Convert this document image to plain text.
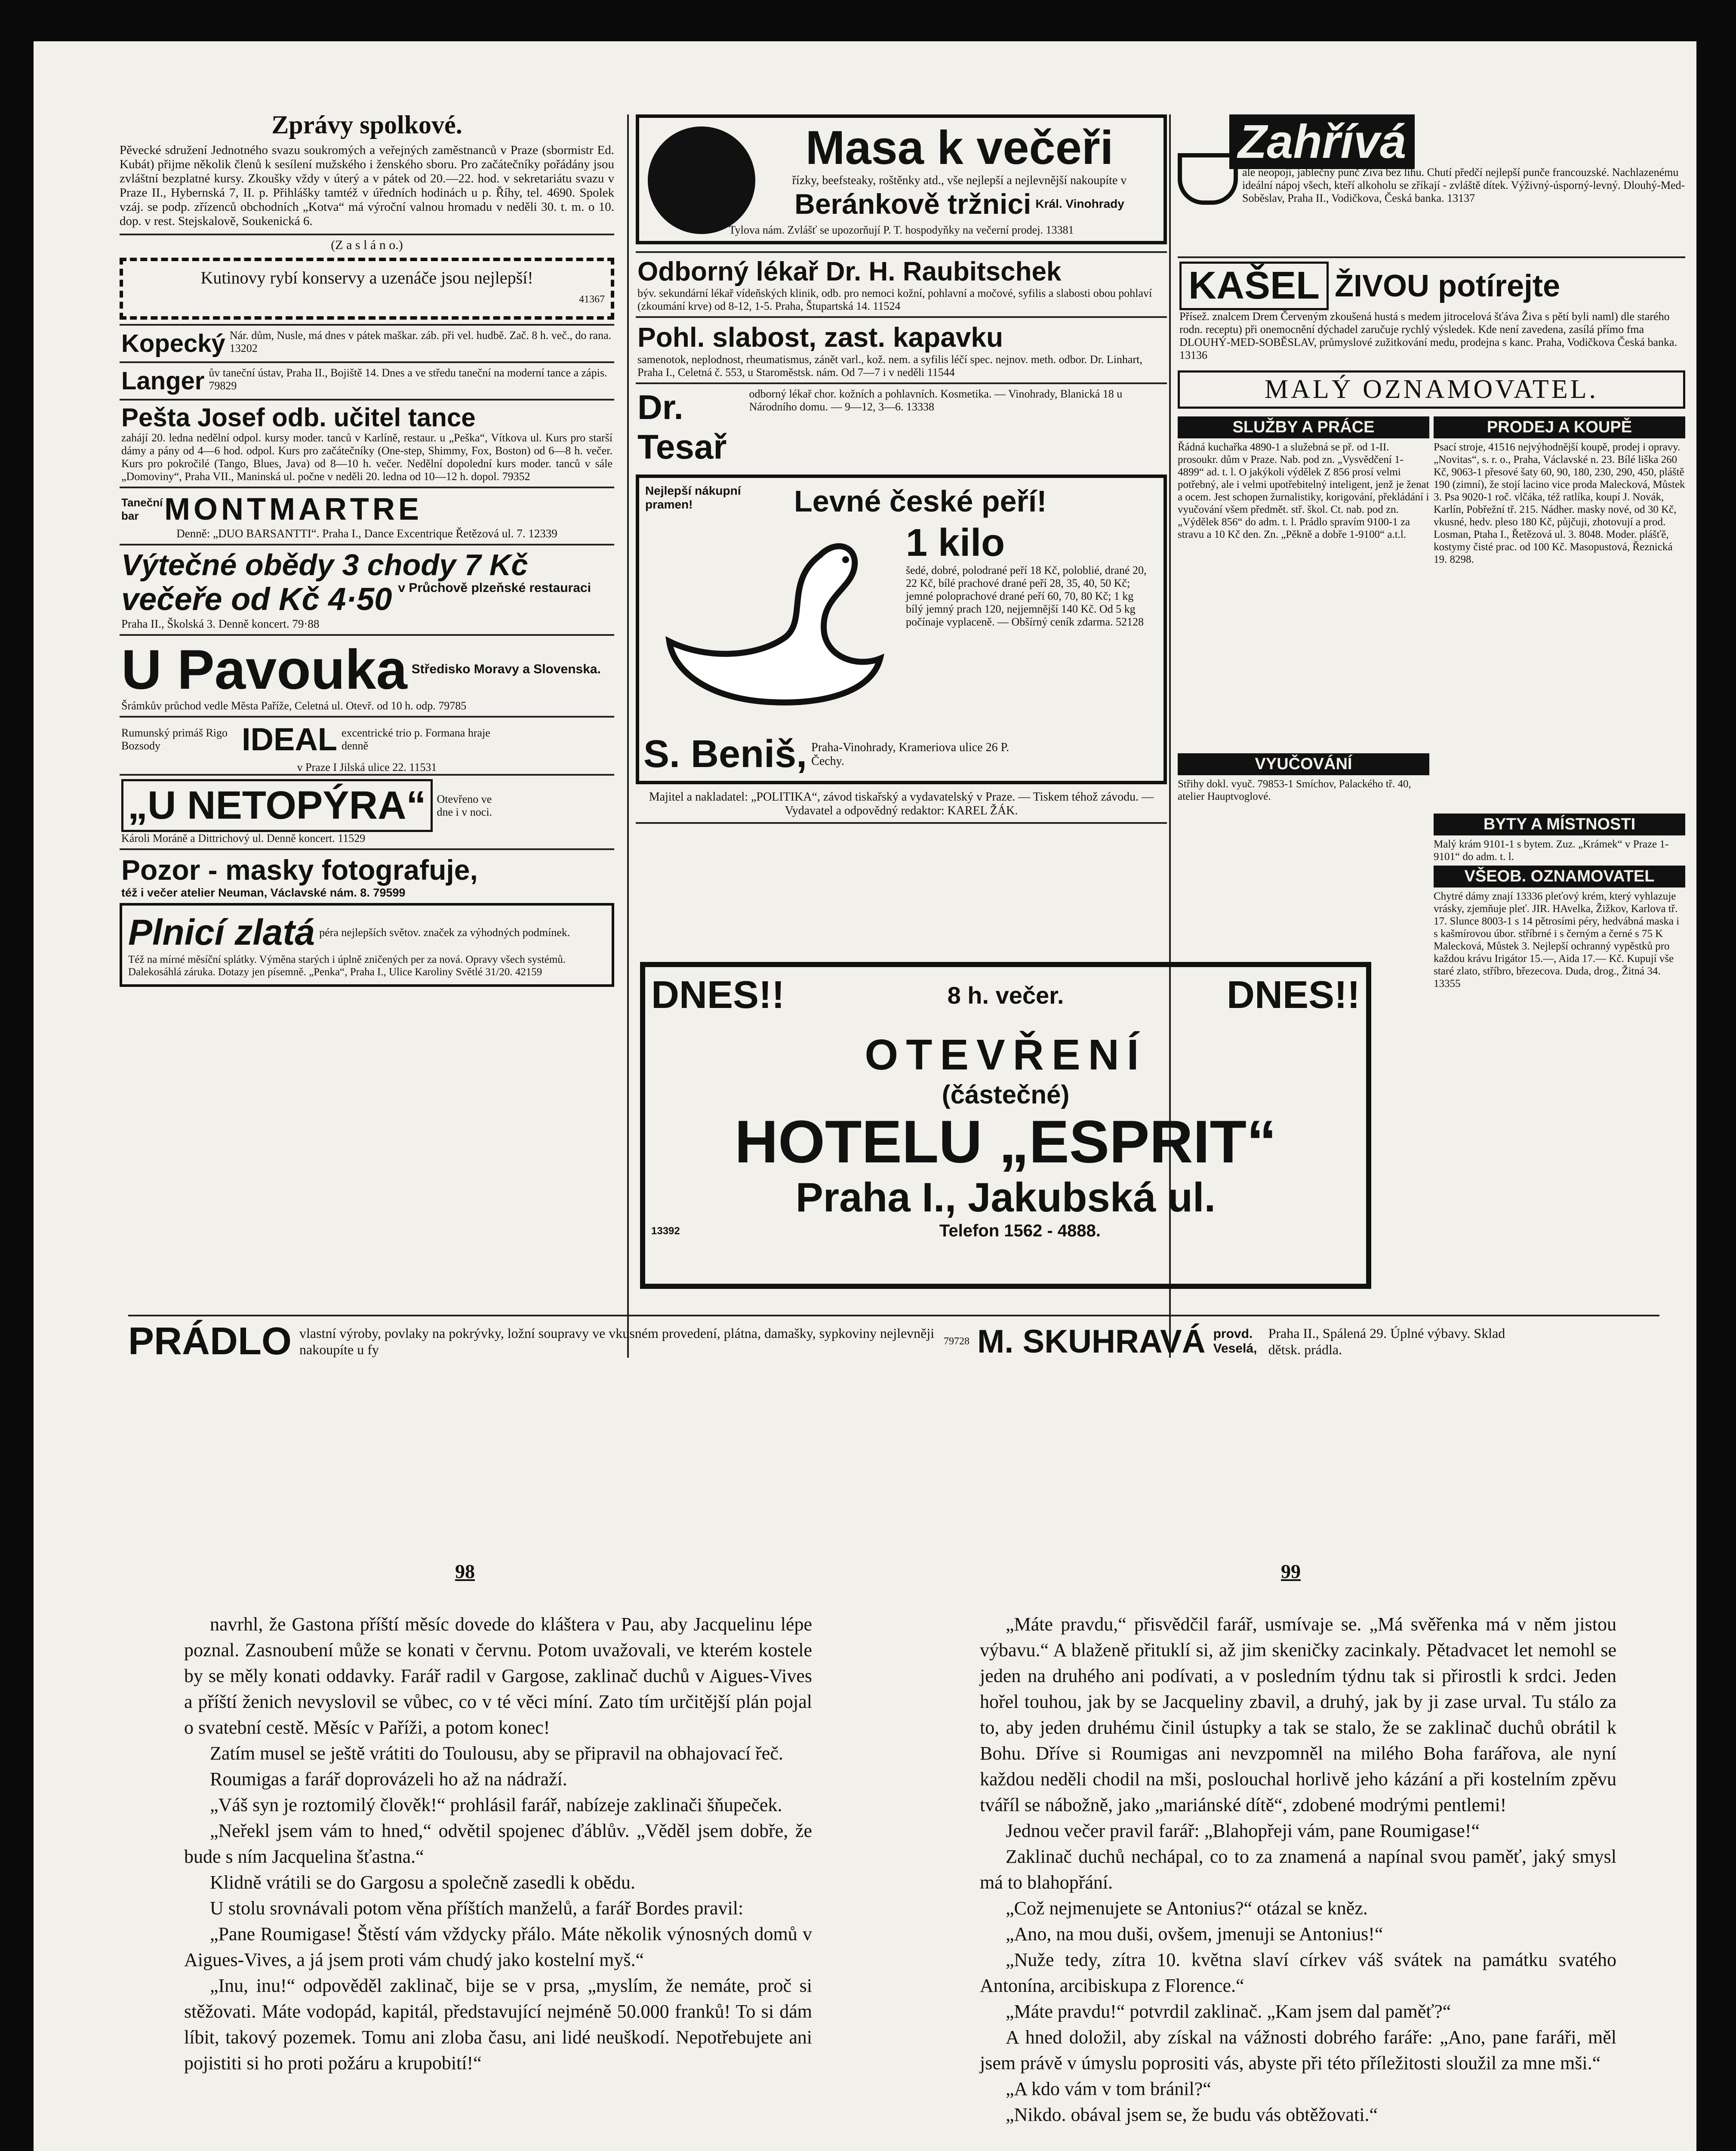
Zprávy spolkové.
Pěvecké sdružení Jednotného svazu soukromých a veřejných zaměstnanců v Praze (sbormistr Ed. Kubát) přijme několik členů k sesílení mužského i ženského sboru. Pro začátečníky pořádány jsou zvláštní bezplatné kursy. Zkoušky vždy v úterý a v pátek od 20.—22. hod. v sekretariátu svazu v Praze II., Hybernská 7, II. p. Přihlášky tamtéž v úředních hodinách u p. Říhy, tel. 4690. Spolek vzáj. se podp. zřízenců obchodních „Kotva“ má výroční valnou hromadu v neděli 30. t. m. o 10. dop. v rest. Stejskalově, Soukenická 6.
(Z a s l á n o.)
Kutinovy rybí konservy a uzenáče jsou nejlepší!
41367
Kopecký Nár. dům, Nusle, má dnes v pátek maškar. záb. při vel. hudbě. Zač. 8 h. več., do rana. 13202
Langer ův taneční ústav, Praha II., Bojiště 14. Dnes a ve středu taneční na moderní tance a zápis. 79829
Pešta Josef odb. učitel tance
zahájí 20. ledna nedělní odpol. kursy moder. tanců v Karlíně, restaur. u „Peška“, Vítkova ul. Kurs pro starší dámy a pány od 4—6 hod. odpol. Kurs pro začátečníky (One-step, Shimmy, Fox, Boston) od 6—8 h. večer. Kurs pro pokročilé (Tango, Blues, Java) od 8—10 h. večer. Nedělní dopolední kurs moder. tanců v sále „Domoviny“, Praha VII., Maninská ul. počne v neděli 20. ledna od 10—12 h. dopol. 79352
Taneční bar MONTMARTRE
Denně: „DUO BARSANTTI“. Praha I., Dance Excentrique Řetězová ul. 7. 12339
Výtečné obědy 3 chody 7 Kč
večeře od Kč 4·50 v Průchově plzeňské restauraci
Praha II., Školská 3. Denně koncert. 79·88
U Pavouka Středisko Moravy a Slovenska.
Šrámkův průchod vedle Města Paříže, Celetná ul. Otevř. od 10 h. odp. 79785
Rumunský primáš Rigo Bozsody	IDEAL excentrické trio p. Formana hraje denně
v Praze I Jilská ulice 22. 11531
„U NETOPÝRA“ Otevřeno ve dne i v noci.
Károli Moráně a Dittrichový ul. Denně koncert. 11529
Pozor - masky fotografuje,
též i večer atelier Neuman, Václavské nám. 8. 79599
Plnicí zlatá péra nejlepších světov. značek za výhodných podmínek.
Též na mírné měsíční splátky. Výměna starých i úplně zničených per za nová. Opravy všech systémů. Dalekosáhlá záruka. Dotazy jen písemně. „Penka“, Praha I., Ulice Karoliny Světlé 31/20. 42159
Masa k večeři
řízky, beefsteaky, roštěnky atd., vše nejlepší a nejlevnější nakoupíte v
Beránkově tržnici Král. Vinohrady
Tylova nám. Zvlášť se upozorňují P. T. hospodyňky na večerní prodej. 13381
Odborný lékař Dr. H. Raubitschek
býv. sekundární lékař vídeňských klinik, odb. pro nemoci kožní, pohlavní a močové, syfilis a slabosti obou pohlaví (zkoumání krve) od 8-12, 1-5. Praha, Štupartská 14. 11524
Pohl. slabost, zast. kapavku
samenotok, neplodnost, rheumatismus, zánět varl., kož. nem. a syfilis léčí spec. nejnov. meth. odbor. Dr. Linhart, Praha I., Celetná č. 553, u Staroměstsk. nám. Od 7—7 i v neděli 11544
Dr. Tesař
odborný lékař chor. kožních a pohlavních. Kosmetika. — Vinohrady, Blanická 18 u Národního domu. — 9—12, 3—6. 13338
Nejlepší nákupní pramen!	Levné české peří!
1 kilo
šedé, dobré, polodrané peří 18 Kč, poloblié, drané 20, 22 Kč, bílé prachové drané peří 28, 35, 40, 50 Kč; jemné poloprachové drané peří 60, 70, 80 Kč; 1 kg bílý jemný prach 120, nejjemnější 140 Kč. Od 5 kg počínaje vyplaceně. — Obšírný ceník zdarma. 52128
S. Beniš, Praha-Vinohrady, Krameriova ulice 26 P. Čechy.
Majitel a nakladatel: „POLITIKA“, závod tiskařský a vydavatelský v Praze. — Tiskem téhož závodu. — Vydavatel a odpovědný redaktor: KAREL ŽÁK.
Zahřívá
ale neopojí, jablečný punč Živa bez lihu. Chutí předčí nejlepší punče francouzské. Nachlazenému ideální nápoj všech, kteří alkoholu se zříkají - zvláště dítek. Výživný-úsporný-levný. Dlouhý-Med-Soběslav, Praha II., Vodičkova, Česká banka. 13137
KAŠEL ŽIVOU potírejte
Přísež. znalcem Drem Červeným zkoušená hustá s medem jitrocelová šťáva Živa s pětí byli naml) dle starého rodn. receptu) při onemocnění dýchadel zaručuje rychlý výsledek. Kde není zavedena, zasílá přímo fma DLOUHÝ-MED-SOBĚSLAV, průmyslové zužitkování medu, prodejna s kanc. Praha, Vodičkova Česká banka. 13136
MALÝ OZNAMOVATEL.
SLUŽBY A PRÁCE
Řádná kuchařka 4890-1 a služebná se př. od 1-II. prosoukr. dům v Praze. Nab. pod zn. „Vysvědčení 1-4899“ ad. t. l. O jakýkoli výdělek Z 856 prosí velmi potřebný, ale i velmi upotřebitelný inteligent, jenž je ženat a ocem. Jest schopen žurnalistiky, korigování, překládání i vyučování všem předmět. stř. škol. Ct. nab. pod zn. „Výdělek 856“ do adm. t. l. Prádlo spravím 9100-1 za stravu a 10 Kč den. Zn. „Pěkně a dobře 1-9100“ a.t.l.
VYUČOVÁNÍ
Střihy dokl. vyuč. 79853-1 Smíchov, Palackého tř. 40, atelier Hauptvoglové.
PRODEJ A KOUPĚ
Psací stroje, 41516 nejvýhodnější koupě, prodej i opravy. „Novitas“, s. r. o., Praha, Václavské n. 23. Bílé liška 260 Kč, 9063-1 přesové šaty 60, 90, 180, 230, 290, 450, pláště 190 (zimní), že stojí lacino vice proda Malecková, Můstek 3. Psa 9020-1 roč. vlčáka, též ratlíka, koupí J. Novák, Karlín, Pobřežní tř. 215. Nádher. masky nové, od 30 Kč, vkusné, hedv. pleso 180 Kč, půjčuji, zhotovují a prod. Losman, Ptaha I., Řetězová ul. 3. 8048. Moder. plášťě, kostymy čisté prac. od 100 Kč. Masopustová, Řeznická 19. 8298.
BYTY A MÍSTNOSTI
Malý krám 9101-1 s bytem. Zuz. „Krámek“ v Praze 1-9101“ do adm. t. l.
VŠEOB. OZNAMOVATEL
Chytré dámy znají 13336 pleťový krém, který vyhlazuje vrásky, zjemňuje pleť. JIR. HAvelka, Žižkov, Karlova tř. 17. Slunce 8003-1 s 14 pětrosími péry, hedvábná maska i s kašmírovou úbor. stříbrné i s černým a černé s 75 K Malecková, Můstek 3. Nejlepší ochranný vypěstků pro každou krávu Irigátor 15.—, Aida 17.— Kč. Kupují vše staré zlato, stříbro, březecova. Duda, drog., Žitná 34. 13355
DNES!!	8 h. večer.	DNES!!
OTEVŘENÍ
(částečné)
HOTELU „ESPRIT“
Praha I., Jakubská ul.
13392	Telefon 1562 - 4888.
PRÁDLO vlastní výroby, povlaky na pokrývky, ložní soupravy ve vkusném provedení, plátna, damašky, sypkoviny nejlevněji nakoupíte u fy
79728 M. SKUHRAVÁ provd. Veselá,
Praha II., Spálená 29. Úplné výbavy. Sklad dětsk. prádla.
98	99

navrhl, že Gastona příští měsíc dovede do kláštera v Pau, aby Jacquelinu lépe poznal. Zasnoubení může se konati v červnu. Potom uvažovali, ve kterém kostele by se měly konati oddavky. Farář radil v Gargose, zaklinač duchů v Aigues-Vives a příští ženich nevyslovil se vůbec, co v té věci míní. Zato tím určitější plán pojal o svatební cestě. Měsíc v Paříži, a potom konec!

Zatím musel se ještě vrátiti do Toulousu, aby se připravil na obhajovací řeč.

Roumigas a farář doprovázeli ho až na nádraží.

„Váš syn je roztomilý člověk!“ prohlásil farář, nabízeje zaklinači šňupeček.

„Neřekl jsem vám to hned,“ odvětil spojenec ďáblův. „Věděl jsem dobře, že bude s ním Jacquelina šťastna.“

Klidně vrátili se do Gargosu a společně zasedli k obědu.

U stolu srovnávali potom věna příštích manželů, a farář Bordes pravil:

„Pane Roumigase! Štěstí vám vždycky přálo. Máte několik výnosných domů v Aigues-Vives, a já jsem proti vám chudý jako kostelní myš.“

„Inu, inu!“ odpověděl zaklinač, bije se v prsa, „myslím, že nemáte, proč si stěžovati. Máte vodopád, kapitál, představující nejméně 50.000 franků! To si dám líbit, takový pozemek. Tomu ani zloba času, ani lidé neuškodí. Nepotřebujete ani pojistiti si ho proti požáru a krupobití!“

„Máte pravdu,“ přisvědčil farář, usmívaje se. „Má svěřenka má v něm jistou výbavu.“ A blaženě přituklí si, až jim skeničky zacinkaly. Pětadvacet let nemohl se jeden na druhého ani podívati, a v posledním týdnu tak si přirostli k srdci. Jeden hořel touhou, jak by se Jacqueliny zbavil, a druhý, jak by ji zase urval. Tu stálo za to, aby jeden druhému činil ústupky a tak se stalo, že se zaklinač duchů obrátil k Bohu. Dříve si Roumigas ani nevzpomněl na milého Boha farářova, ale nyní každou neděli chodil na mši, poslouchal horlivě jeho kázání a při kostelním zpěvu tváříl se nábožně, jako „mariánské dítě“, zdobené modrými pentlemi!

Jednou večer pravil farář: „Blahopřeji vám, pane Roumigase!“

Zaklinač duchů nechápal, co to za znamená a napínal svou paměť, jaký smysl má to blahopřání.

„Což nejmenujete se Antonius?“ otázal se kněz.

„Ano, na mou duši, ovšem, jmenuji se Antonius!“

„Nuže tedy, zítra 10. května slaví církev váš svátek na památku svatého Antonína, arcibiskupa z Florence.“

„Máte pravdu!“ potvrdil zaklinač. „Kam jsem dal paměť?“

A hned doložil, aby získal na vážnosti dobrého faráře: „Ano, pane faráři, měl jsem právě v úmyslu poprositi vás, abyste při této příležitosti sloužil za mne mši.“

„A kdo vám v tom bránil?“

„Nikdo. obával jsem se, že budu vás obtěžovati.“
